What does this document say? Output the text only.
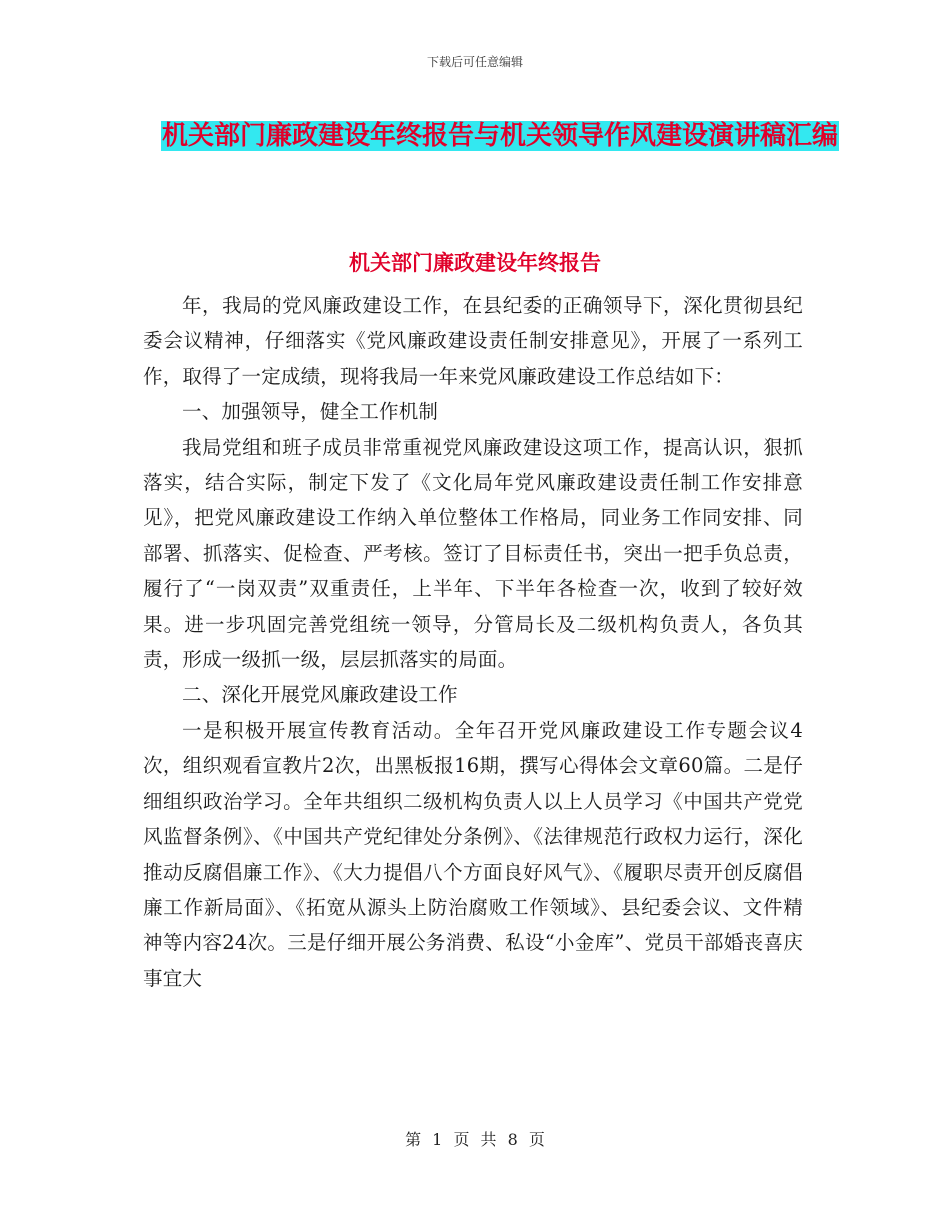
下载后可任意编辑
机关部门廉政建设年终报告与机关领导作风建设演讲稿汇编
机关部门廉政建设年终报告

年，我局的党风廉政建设工作，在县纪委的正确领导下，深化贯彻县纪委会议精神，仔细落实《党风廉政建设责任制安排意见》，开展了一系列工作，取得了一定成绩，现将我局一年来党风廉政建设工作总结如下：

一、加强领导，健全工作机制

我局党组和班子成员非常重视党风廉政建设这项工作，提高认识，狠抓落实，结合实际，制定下发了《文化局年党风廉政建设责任制工作安排意见》，把党风廉政建设工作纳入单位整体工作格局，同业务工作同安排、同部署、抓落实、促检查、严考核。签订了目标责任书，突出一把手负总责，履行了“一岗双责”双重责任，上半年、下半年各检查一次，收到了较好效果。进一步巩固完善党组统一领导，分管局长及二级机构负责人，各负其责，形成一级抓一级，层层抓落实的局面。

二、深化开展党风廉政建设工作

一是积极开展宣传教育活动。全年召开党风廉政建设工作专题会议4次，组织观看宣教片2次，出黑板报16期，撰写心得体会文章60篇。二是仔细组织政治学习。全年共组织二级机构负责人以上人员学习《中国共产党党风监督条例》、《中国共产党纪律处分条例》、《法律规范行政权力运行，深化推动反腐倡廉工作》、《大力提倡八个方面良好风气》、《履职尽责开创反腐倡廉工作新局面》、《拓宽从源头上防治腐败工作领域》、县纪委会议、文件精神等内容24次。三是仔细开展公务消费、私设“小金库”、党员干部婚丧喜庆事宜大

第 1 页 共 8 页
